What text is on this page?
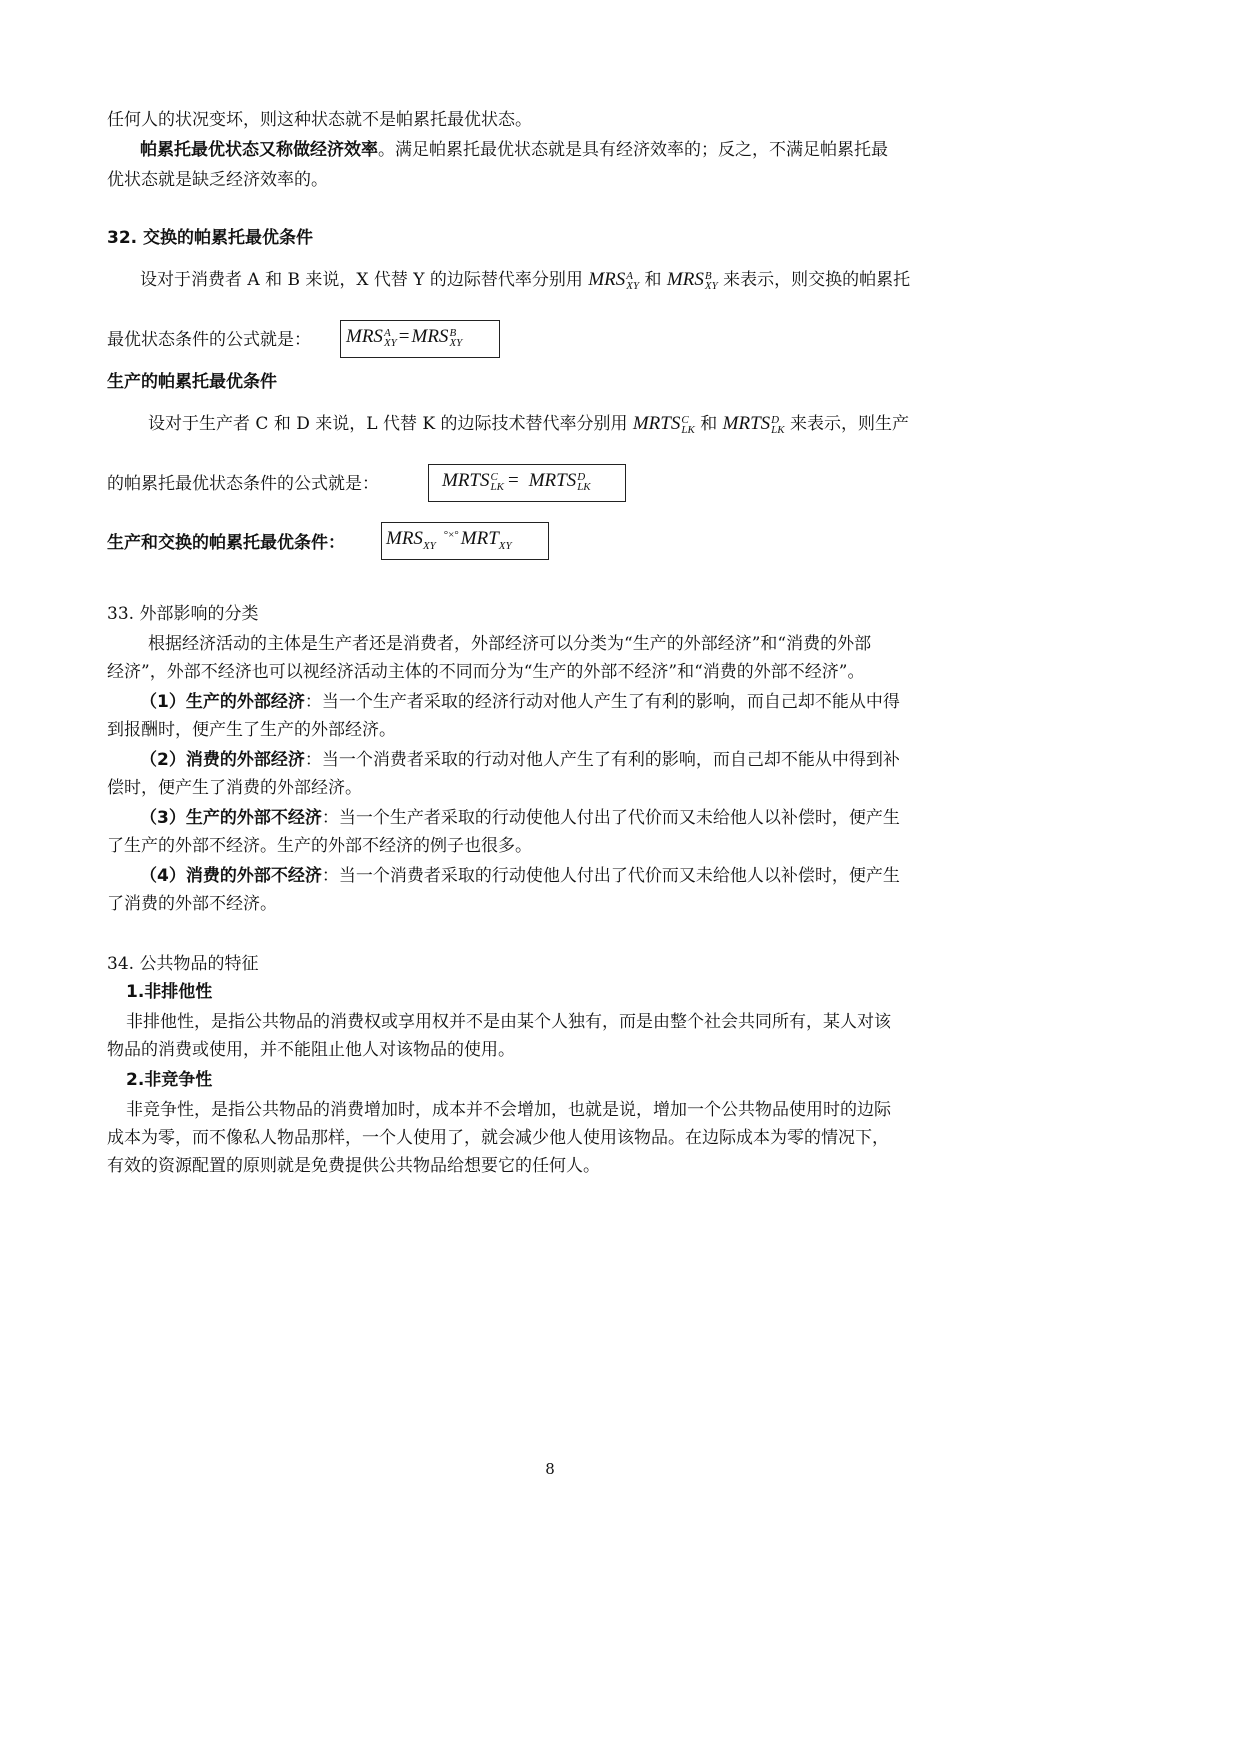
任何人的状况变坏，则这种状态就不是帕累托最优状态。
帕累托最优状态又称做经济效率。满足帕累托最优状态就是具有经济效率的；反之，不满足帕累托最
优状态就是缺乏经济效率的。
32. 交换的帕累托最优条件
设对于消费者 A 和 B 来说，X 代替 Y 的边际替代率分别用 MRS A
XY 和 MRS B
XY 来表示，则交换的帕累托
最优状态条件的公式就是： MRS A
XY = MRS B
XY
生产的帕累托最优条件
设对于生产者 C 和 D 来说，L 代替 K 的边际技术替代率分别用 MRTS C
LK 和 MRTS D
LK 来表示，则生产
的帕累托最优状态条件的公式就是：	MRTS C
LK = MRTS D
LK
生产和交换的帕累托最优条件： $MRS_{XY}^{^\circ\times^\circ}$ $MRT_{XY}$
33. 外部影响的分类
根据经济活动的主体是生产者还是消费者，外部经济可以分类为“生产的外部经济”和“消费的外部
经济”，外部不经济也可以视经济活动主体的不同而分为“生产的外部不经济”和“消费的外部不经济”。
（1）生产的外部经济：当一个生产者采取的经济行动对他人产生了有利的影响，而自己却不能从中得
到报酬时，便产生了生产的外部经济。
（2）消费的外部经济：当一个消费者采取的行动对他人产生了有利的影响，而自己却不能从中得到补
偿时，便产生了消费的外部经济。
（3）生产的外部不经济：当一个生产者采取的行动使他人付出了代价而又未给他人以补偿时，便产生
了生产的外部不经济。生产的外部不经济的例子也很多。
（4）消费的外部不经济：当一个消费者采取的行动使他人付出了代价而又未给他人以补偿时，便产生
了消费的外部不经济。
34. 公共物品的特征
1.非排他性
非排他性，是指公共物品的消费权或享用权并不是由某个人独有，而是由整个社会共同所有，某人对该
物品的消费或使用，并不能阻止他人对该物品的使用。
2.非竞争性
非竞争性，是指公共物品的消费增加时，成本并不会增加，也就是说，增加一个公共物品使用时的边际
成本为零，而不像私人物品那样，一个人使用了，就会减少他人使用该物品。在边际成本为零的情况下，
有效的资源配置的原则就是免费提供公共物品给想要它的任何人。
8
